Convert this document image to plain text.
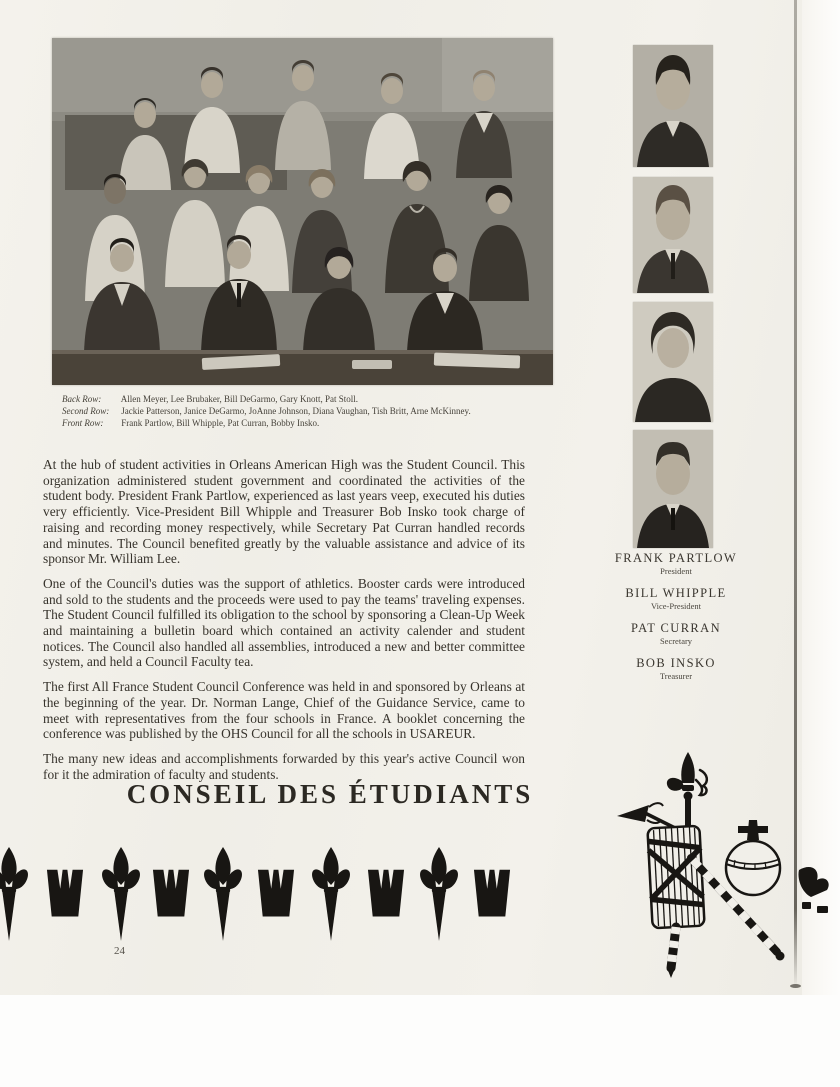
Back Row: Allen Meyer, Lee Brubaker, Bill DeGarmo, Gary Knott, Pat Stoll.
Second Row: Jackie Patterson, Janice DeGarmo, JoAnne Johnson, Diana Vaughan, Tish Britt, Arne McKinney.
Front Row: Frank Partlow, Bill Whipple, Pat Curran, Bobby Insko.

At the hub of student activities in Orleans American High was the Student Council. This organization administered student government and coordinated the activities of the student body. President Frank Partlow, experienced as last years veep, executed his duties very efficiently. Vice-President Bill Whipple and Treasurer Bob Insko took charge of raising and recording money respectively, while Secretary Pat Curran handled records and minutes. The Council benefited greatly by the valuable assistance and advice of its sponsor Mr. William Lee.

One of the Council's duties was the support of athletics. Booster cards were introduced and sold to the students and the proceeds were used to pay the teams' traveling expenses. The Student Council fulfilled its obligation to the school by sponsoring a Clean-Up Week and maintaining a bulletin board which contained an activity calender and student notices. The Council also handled all assemblies, introduced a new and better committee system, and held a Council Faculty tea.

The first All France Student Council Conference was held in and sponsored by Orleans at the beginning of the year. Dr. Norman Lange, Chief of the Guidance Service, came to meet with representatives from the four schools in France. A booklet concerning the conference was published by the OHS Council for all the schools in USAREUR.

The many new ideas and accomplishments forwarded by this year's active Council won for it the admiration of faculty and students.

CONSEIL DES ÉTUDIANTS
FRANK PARTLOW
President
BILL WHIPPLE
Vice-President
PAT CURRAN
Secretary
BOB INSKO
Treasurer
24
